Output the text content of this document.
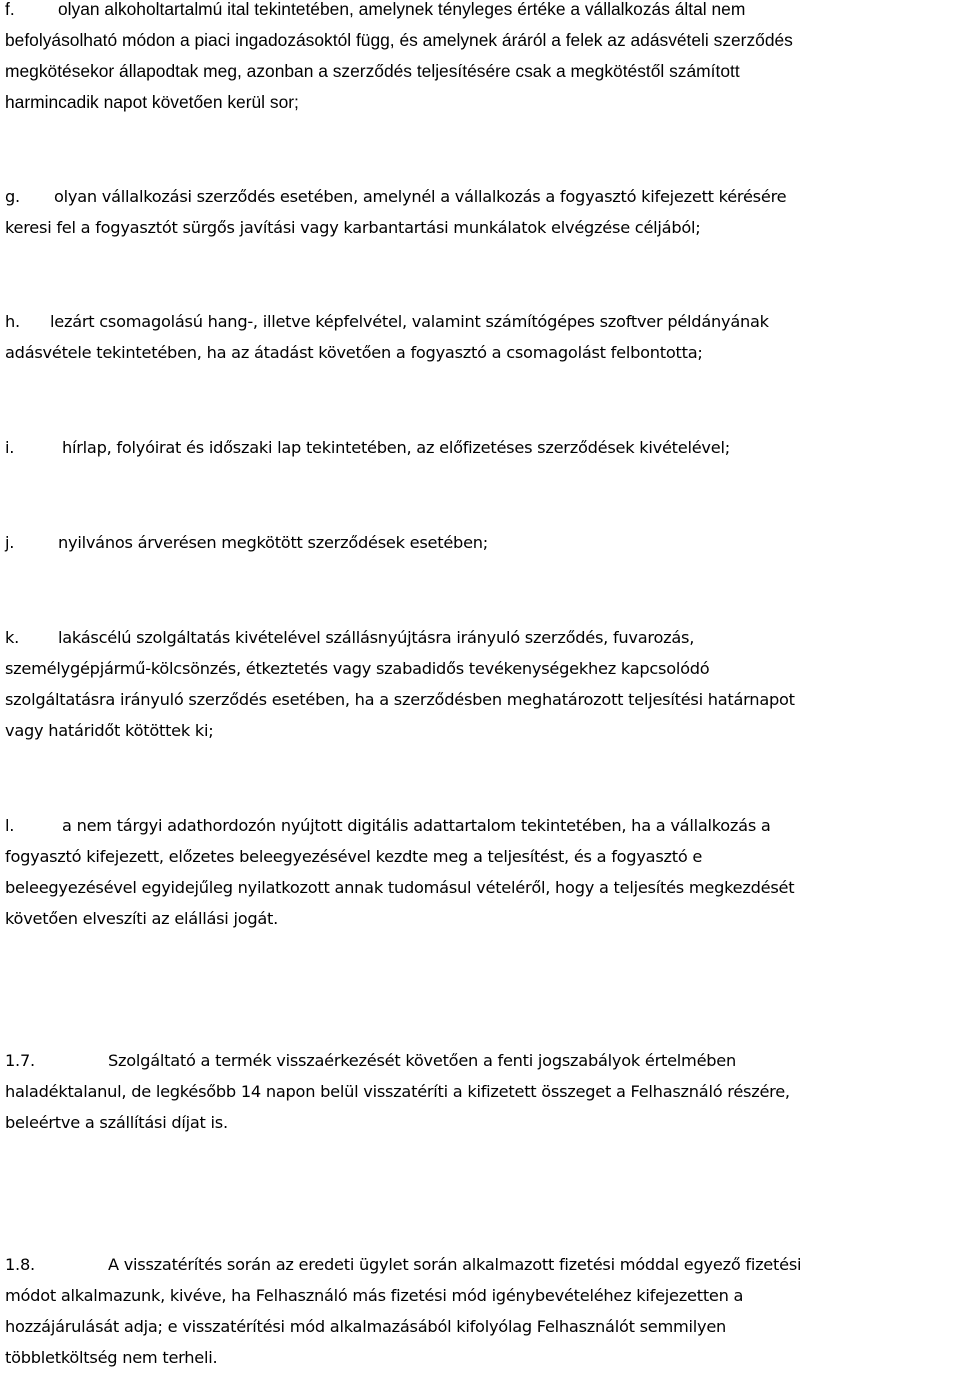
f. olyan alkoholtartalmú ital tekintetében, amelynek tényleges értéke a vállalkozás által nem
befolyásolható módon a piaci ingadozásoktól függ, és amelynek áráról a felek az adásvételi szerződés
megkötésekor állapodtak meg, azonban a szerződés teljesítésére csak a megkötéstől számított
harmincadik napot követően kerül sor;
g. olyan vállalkozási szerződés esetében, amelynél a vállalkozás a fogyasztó kifejezett kérésére
keresi fel a fogyasztót sürgős javítási vagy karbantartási munkálatok elvégzése céljából;
h. lezárt csomagolású hang-, illetve képfelvétel, valamint számítógépes szoftver példányának
adásvétele tekintetében, ha az átadást követően a fogyasztó a csomagolást felbontotta;
i.	hírlap, folyóirat és időszaki lap tekintetében, az előfizetéses szerződések kivételével;
j.	nyilvános árverésen megkötött szerződések esetében;
k. lakáscélú szolgáltatás kivételével szállásnyújtásra irányuló szerződés, fuvarozás,
személygépjármű-kölcsönzés, étkeztetés vagy szabadidős tevékenységekhez kapcsolódó
szolgáltatásra irányuló szerződés esetében, ha a szerződésben meghatározott teljesítési határnapot
vagy határidőt kötöttek ki;
l.	a nem tárgyi adathordozón nyújtott digitális adattartalom tekintetében, ha a vállalkozás a
fogyasztó kifejezett, előzetes beleegyezésével kezdte meg a teljesítést, és a fogyasztó e
beleegyezésével egyidejűleg nyilatkozott annak tudomásul vételéről, hogy a teljesítés megkezdését
követően elveszíti az elállási jogát.
1.7.	Szolgáltató a termék visszaérkezését követően a fenti jogszabályok értelmében
haladéktalanul, de legkésőbb 14 napon belül visszatéríti a kifizetett összeget a Felhasználó részére,
beleértve a szállítási díjat is.
1.8.	A visszatérítés során az eredeti ügylet során alkalmazott fizetési móddal egyező fizetési
módot alkalmazunk, kivéve, ha Felhasználó más fizetési mód igénybevételéhez kifejezetten a
hozzájárulását adja; e visszatérítési mód alkalmazásából kifolyólag Felhasználót semmilyen
többletköltség nem terheli.
